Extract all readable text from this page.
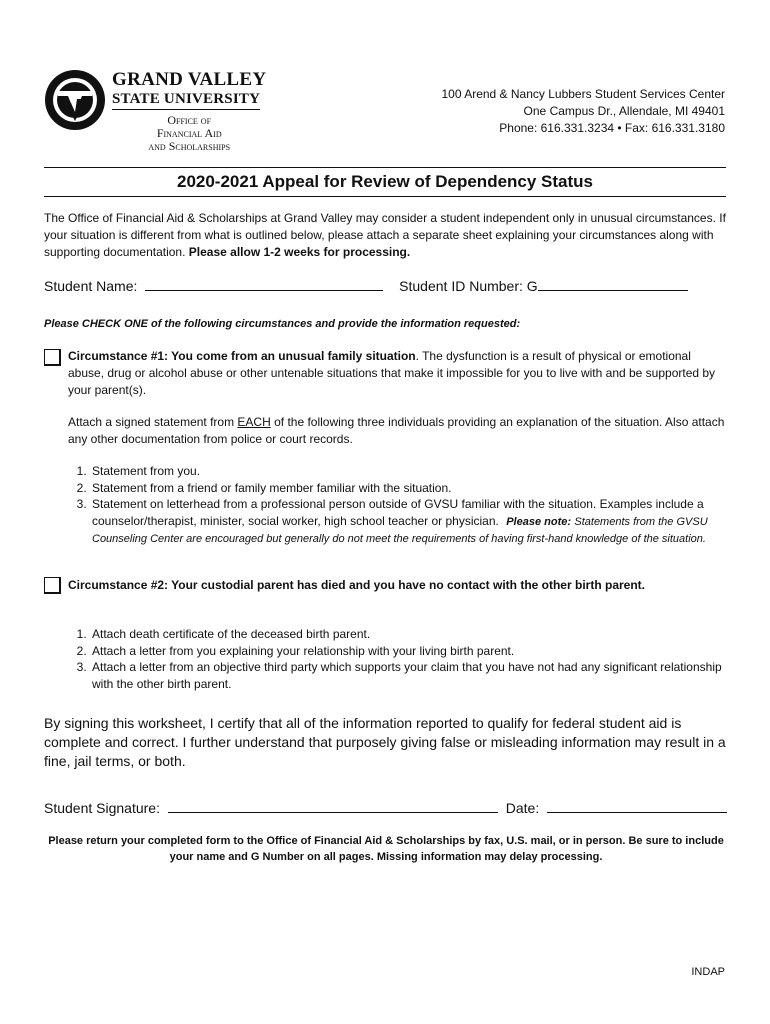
GRAND VALLEY
STATE UNIVERSITY
Office of
Financial Aid
and Scholarships
100 Arend & Nancy Lubbers Student Services Center
One Campus Dr., Allendale, MI 49401
Phone: 616.331.3234 • Fax: 616.331.3180
2020-2021 Appeal for Review of Dependency Status
The Office of Financial Aid & Scholarships at Grand Valley may consider a student independent only in unusual circumstances. If your situation is different from what is outlined below, please attach a separate sheet explaining your circumstances along with supporting documentation. Please allow 1-2 weeks for processing.
Student Name:	Student ID Number: G
Please CHECK ONE of the following circumstances and provide the information requested:
Circumstance #1: You come from an unusual family situation. The dysfunction is a result of physical or emotional abuse, drug or alcohol abuse or other untenable situations that make it impossible for you to live with and be supported by your parent(s).
Attach a signed statement from EACH of the following three individuals providing an explanation of the situation. Also attach any other documentation from police or court records.
1. Statement from you.
2. Statement from a friend or family member familiar with the situation.
3. Statement on letterhead from a professional person outside of GVSU familiar with the situation. Examples include a counselor/therapist, minister, social worker, high school teacher or physician. Please note: Statements from the GVSU Counseling Center are encouraged but generally do not meet the requirements of having first-hand knowledge of the situation.
Circumstance #2: Your custodial parent has died and you have no contact with the other birth parent.
1. Attach death certificate of the deceased birth parent.
2. Attach a letter from you explaining your relationship with your living birth parent.
3. Attach a letter from an objective third party which supports your claim that you have not had any significant relationship with the other birth parent.
By signing this worksheet, I certify that all of the information reported to qualify for federal student aid is complete and correct. I further understand that purposely giving false or misleading information may result in a fine, jail terms, or both.
Student Signature:	Date:
Please return your completed form to the Office of Financial Aid & Scholarships by fax, U.S. mail, or in person. Be sure to include your name and G Number on all pages. Missing information may delay processing.
INDAP
